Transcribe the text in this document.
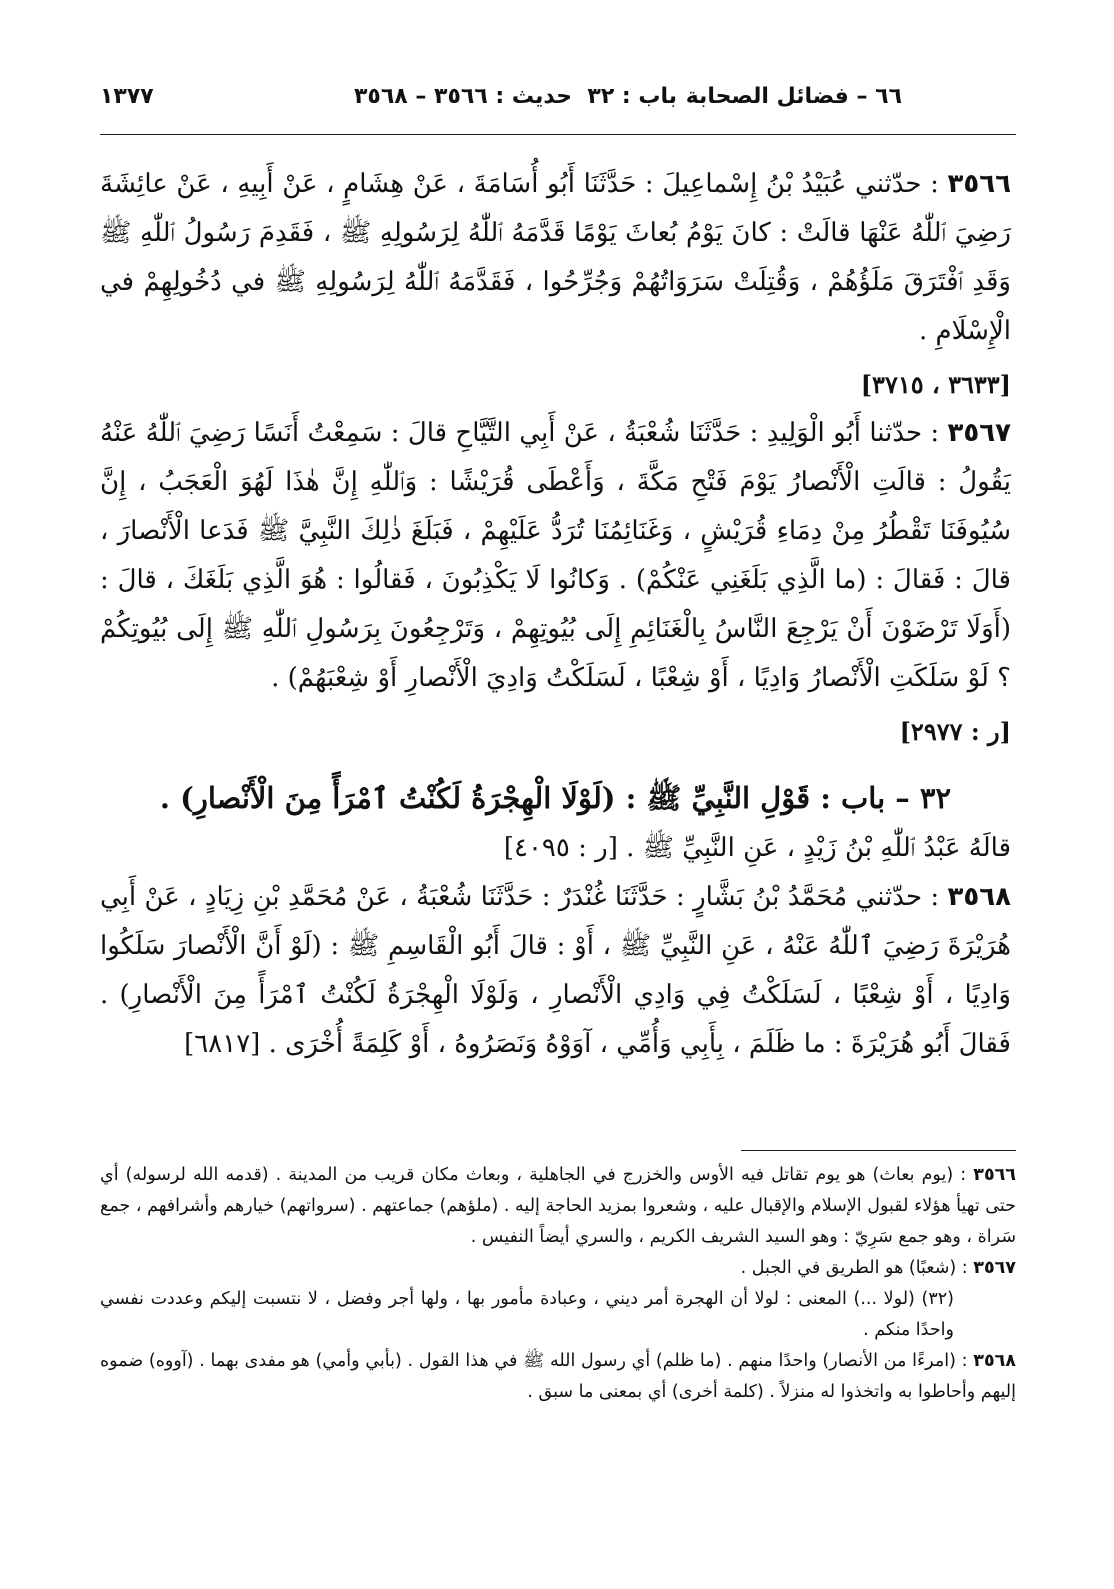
٦٦ – فضائل الصحابة
باب : ٣٢
حديث : ٣٥٦٦ – ٣٥٦٨
١٣٧٧

٣٥٦٦ : حدّثني عُبَيْدُ بْنُ إِسْماعِيلَ : حَدَّثَنَا أَبُو أُسَامَةَ ، عَنْ هِشَامٍ ، عَنْ أَبِيهِ ، عَنْ عائِشَةَ رَضِيَ ٱللّٰهُ عَنْهَا قالَتْ : كانَ يَوْمُ بُعاثَ يَوْمًا قَدَّمَهُ ٱللّٰهُ لِرَسُولِهِ ﷺ ، فَقَدِمَ رَسُولُ ٱللّٰهِ ﷺ وَقَدِ ٱفْتَرَقَ مَلَؤُهُمْ ، وَقُتِلَتْ سَرَوَاتُهُمْ وَجُرِّحُوا ، فَقَدَّمَهُ ٱللّٰهُ لِرَسُولِهِ ﷺ في دُخُولِهِمْ في الْإِسْلَامِ .

[٣٦٣٣ ، ٣٧١٥]

٣٥٦٧ : حدّثنا أَبُو الْوَلِيدِ : حَدَّثَنَا شُعْبَةُ ، عَنْ أَبِي التَّيَّاحِ قالَ : سَمِعْتُ أَنَسًا رَضِيَ ٱللّٰهُ عَنْهُ يَقُولُ : قالَتِ الْأَنْصارُ يَوْمَ فَتْحِ مَكَّةَ ، وَأَعْطَى قُرَيْشًا : وَٱللّٰهِ إِنَّ هٰذَا لَهُوَ الْعَجَبُ ، إِنَّ سُيُوفَنَا تَقْطُرُ مِنْ دِمَاءِ قُرَيْشٍ ، وَغَنَائِمُنَا تُرَدُّ عَلَيْهِمْ ، فَبَلَغَ ذٰلِكَ النَّبِيَّ ﷺ فَدَعا الْأَنْصارَ ، قالَ : فَقالَ : (ما الَّذِي بَلَغَنِي عَنْكُمْ) . وَكانُوا لَا يَكْذِبُونَ ، فَقالُوا : هُوَ الَّذِي بَلَغَكَ ، قالَ : (أَوَلَا تَرْضَوْنَ أَنْ يَرْجِعَ النَّاسُ بِالْغَنَائِمِ إِلَى بُيُوتِهِمْ ، وَتَرْجِعُونَ بِرَسُولِ ٱللّٰهِ ﷺ إِلَى بُيُوتِكُمْ ؟ لَوْ سَلَكَتِ الْأَنْصارُ وَادِيًا ، أَوْ شِعْبًا ، لَسَلَكْتُ وَادِيَ الْأَنْصارِ أَوْ شِعْبَهُمْ) .

[ر : ٢٩٧٧]

٣٢ – باب : قَوْلِ النَّبِيِّ ﷺ : (لَوْلَا الْهِجْرَةُ لَكُنْتُ ٱمْرَأً مِنَ الْأَنْصارِ) .

قالَهُ عَبْدُ ٱللّٰهِ بْنُ زَيْدٍ ، عَنِ النَّبِيِّ ﷺ . [ر : ٤٠٩٥]

٣٥٦٨ : حدّثني مُحَمَّدُ بْنُ بَشَّارٍ : حَدَّثَنَا غُنْدَرٌ : حَدَّثَنَا شُعْبَةُ ، عَنْ مُحَمَّدِ بْنِ زِيَادٍ ، عَنْ أَبِي هُرَيْرَةَ رَضِيَ ٱللّٰهُ عَنْهُ ، عَنِ النَّبِيِّ ﷺ ، أَوْ : قالَ أَبُو الْقَاسِمِ ﷺ : (لَوْ أَنَّ الْأَنْصارَ سَلَكُوا وَادِيًا ، أَوْ شِعْبًا ، لَسَلَكْتُ فِي وَادِي الْأَنْصارِ ، وَلَوْلَا الْهِجْرَةُ لَكُنْتُ ٱمْرَأً مِنَ الْأَنْصارِ) . فَقالَ أَبُو هُرَيْرَةَ : ما ظَلَمَ ، بِأَبِي وَأُمِّي ، آوَوْهُ وَنَصَرُوهُ ، أَوْ كَلِمَةً أُخْرَى . [٦٨١٧]

٣٥٦٦ : (يوم بعاث) هو يوم تقاتل فيه الأوس والخزرج في الجاهلية ، وبعاث مكان قريب من المدينة . (قدمه الله لرسوله) أي حتى تهيأ هؤلاء لقبول الإسلام والإقبال عليه ، وشعروا بمزيد الحاجة إليه . (ملؤهم) جماعتهم . (سرواتهم) خيارهم وأشرافهم ، جمع سَراة ، وهو جمع سَرِيّ : وهو السيد الشريف الكريم ، والسري أيضاً النفيس .

٣٥٦٧ : (شعبًا) هو الطريق في الجبل .

(٣٢) (لولا ...) المعنى : لولا أن الهجرة أمر ديني ، وعبادة مأمور بها ، ولها أجر وفضل ، لا نتسبت إليكم وعددت نفسي واحدًا منكم .

٣٥٦٨ : (امرءًا من الأنصار) واحدًا منهم . (ما ظلم) أي رسول الله ﷺ في هذا القول . (بأبي وأمي) هو مفدى بهما . (آووه) ضموه إليهم وأحاطوا به واتخذوا له منزلاً . (كلمة أخرى) أي بمعنى ما سبق .
